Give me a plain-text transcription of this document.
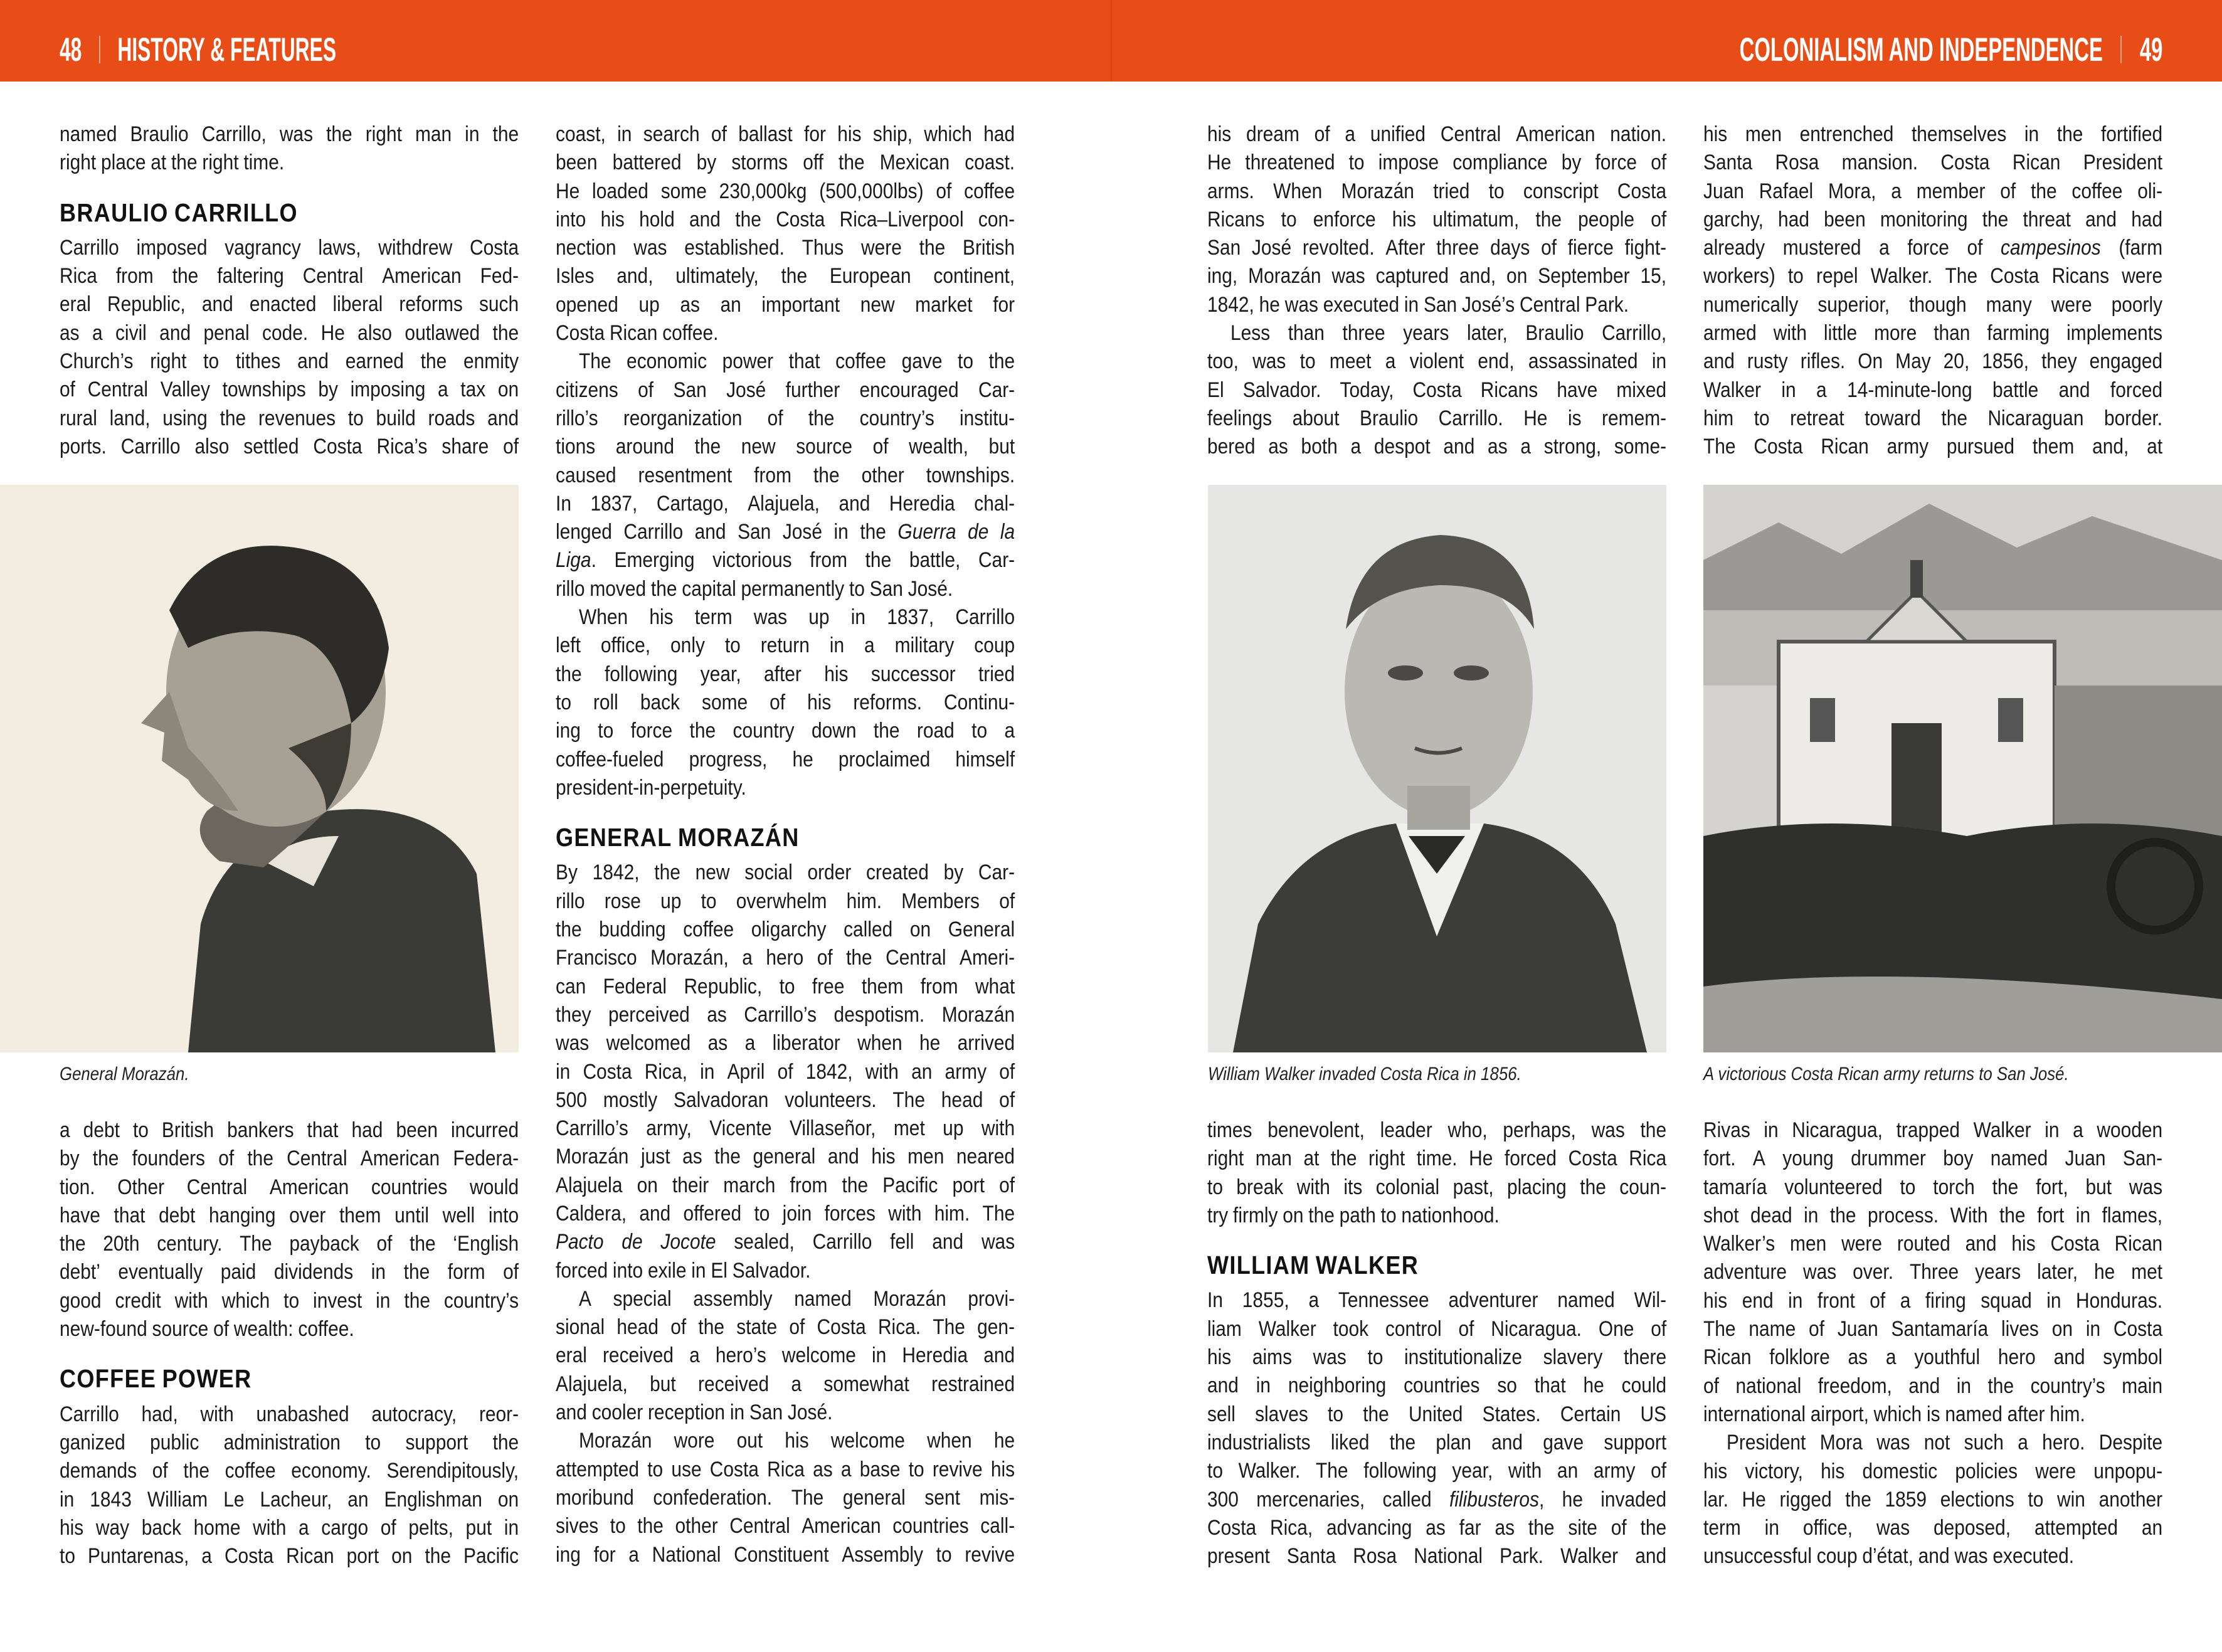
48 HISTORY & FEATURES	COLONIALISM AND INDEPENDENCE 49
named Braulio Carrillo, was the right man in the
right place at the right time.
BRAULIO CARRILLO
Carrillo imposed vagrancy laws, withdrew Costa
Rica from the faltering Central American Fed-
eral Republic, and enacted liberal reforms such
as a civil and penal code. He also outlawed the
Church’s right to tithes and earned the enmity
of Central Valley townships by imposing a tax on
rural land, using the revenues to build roads and
ports. Carrillo also settled Costa Rica’s share of
a debt to British bankers that had been incurred
by the founders of the Central American Federa-
tion. Other Central American countries would
have that debt hanging over them until well into
the 20th century. The payback of the ‘English
debt’ eventually paid dividends in the form of
good credit with which to invest in the country’s
new-found source of wealth: coffee.
COFFEE POWER
Carrillo had, with unabashed autocracy, reor-
ganized public administration to support the
demands of the coffee economy. Serendipitously,
in 1843 William Le Lacheur, an Englishman on
his way back home with a cargo of pelts, put in
to Puntarenas, a Costa Rican port on the Pacific
coast, in search of ballast for his ship, which had
been battered by storms off the Mexican coast.
He loaded some 230,000kg (500,000lbs) of coffee
into his hold and the Costa Rica–Liverpool con-
nection was established. Thus were the British
Isles and, ultimately, the European continent,
opened up as an important new market for
Costa Rican coffee.
The economic power that coffee gave to the
citizens of San José further encouraged Car-
rillo’s reorganization of the country’s institu-
tions around the new source of wealth, but
caused resentment from the other townships.
In 1837, Cartago, Alajuela, and Heredia chal-
lenged Carrillo and San José in the Guerra de la
Liga. Emerging victorious from the battle, Car-
rillo moved the capital permanently to San José.
When his term was up in 1837, Carrillo
left office, only to return in a military coup
the following year, after his successor tried
to roll back some of his reforms. Continu-
ing to force the country down the road to a
coffee-fueled progress, he proclaimed himself
president-in-perpetuity.
GENERAL MORAZÁN
By 1842, the new social order created by Car-
rillo rose up to overwhelm him. Members of
the budding coffee oligarchy called on General
Francisco Morazán, a hero of the Central Ameri-
can Federal Republic, to free them from what
they perceived as Carrillo’s despotism. Morazán
was welcomed as a liberator when he arrived
in Costa Rica, in April of 1842, with an army of
500 mostly Salvadoran volunteers. The head of
Carrillo’s army, Vicente Villaseñor, met up with
Morazán just as the general and his men neared
Alajuela on their march from the Pacific port of
Caldera, and offered to join forces with him. The
Pacto de Jocote sealed, Carrillo fell and was
forced into exile in El Salvador.
A special assembly named Morazán provi-
sional head of the state of Costa Rica. The gen-
eral received a hero’s welcome in Heredia and
Alajuela, but received a somewhat restrained
and cooler reception in San José.
Morazán wore out his welcome when he
attempted to use Costa Rica as a base to revive his
moribund confederation. The general sent mis-
sives to the other Central American countries call-
ing for a National Constituent Assembly to revive
his dream of a unified Central American nation.
He threatened to impose compliance by force of
arms. When Morazán tried to conscript Costa
Ricans to enforce his ultimatum, the people of
San José revolted. After three days of fierce fight-
ing, Morazán was captured and, on September 15,
1842, he was executed in San José’s Central Park.
Less than three years later, Braulio Carrillo,
too, was to meet a violent end, assassinated in
El Salvador. Today, Costa Ricans have mixed
feelings about Braulio Carrillo. He is remem-
bered as both a despot and as a strong, some-
times benevolent, leader who, perhaps, was the
right man at the right time. He forced Costa Rica
to break with its colonial past, placing the coun-
try firmly on the path to nationhood.
WILLIAM WALKER
In 1855, a Tennessee adventurer named Wil-
liam Walker took control of Nicaragua. One of
his aims was to institutionalize slavery there
and in neighboring countries so that he could
sell slaves to the United States. Certain US
industrialists liked the plan and gave support
to Walker. The following year, with an army of
300 mercenaries, called filibusteros, he invaded
Costa Rica, advancing as far as the site of the
present Santa Rosa National Park. Walker and
his men entrenched themselves in the fortified
Santa Rosa mansion. Costa Rican President
Juan Rafael Mora, a member of the coffee oli-
garchy, had been monitoring the threat and had
already mustered a force of campesinos (farm
workers) to repel Walker. The Costa Ricans were
numerically superior, though many were poorly
armed with little more than farming implements
and rusty rifles. On May 20, 1856, they engaged
Walker in a 14-minute-long battle and forced
him to retreat toward the Nicaraguan border.
The Costa Rican army pursued them and, at
Rivas in Nicaragua, trapped Walker in a wooden
fort. A young drummer boy named Juan San-
tamaría volunteered to torch the fort, but was
shot dead in the process. With the fort in flames,
Walker’s men were routed and his Costa Rican
adventure was over. Three years later, he met
his end in front of a firing squad in Honduras.
The name of Juan Santamaría lives on in Costa
Rican folklore as a youthful hero and symbol
of national freedom, and in the country’s main
international airport, which is named after him.
President Mora was not such a hero. Despite
his victory, his domestic policies were unpopu-
lar. He rigged the 1859 elections to win another
term in office, was deposed, attempted an
unsuccessful coup d’état, and was executed.
General Morazán.	William Walker invaded Costa Rica in 1856.	A victorious Costa Rican army returns to San José.
